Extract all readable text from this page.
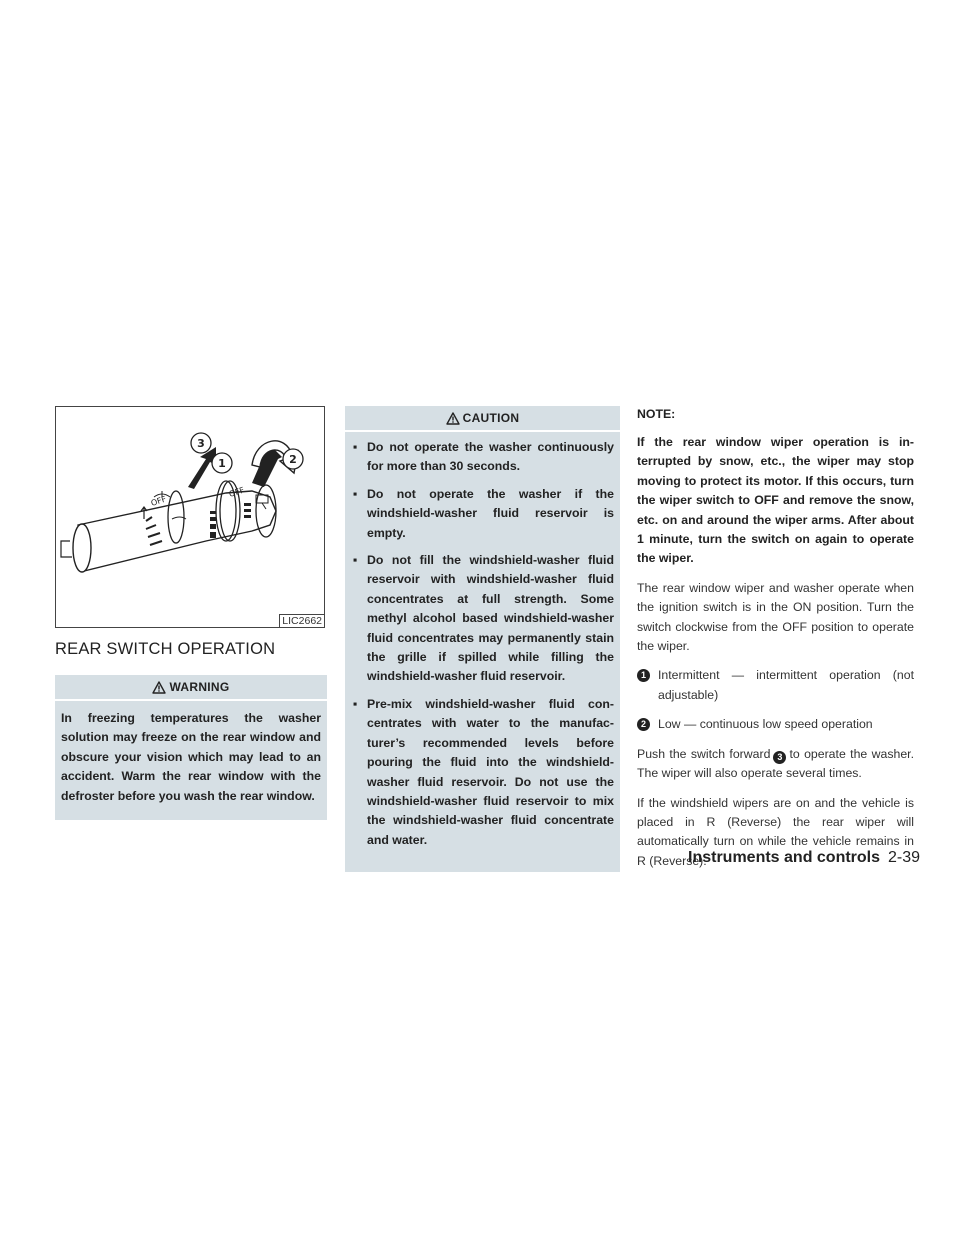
OFF
OFF
3
1	2
LIC2662
REAR SWITCH OPERATION
WARNING
In freezing temperatures the washer solution may freeze on the rear window and obscure your vision which may lead to an accident. Warm the rear window with the defroster before you wash the rear window.
CAUTION
▪ Do not operate the washer continuously for more than 30 seconds.
▪ Do not operate the washer if the windshield-washer fluid reservoir is empty.
▪ Do not fill the windshield-washer fluid reservoir with windshield-washer fluid concentrates at full strength. Some methyl alcohol based windshield-washer fluid concentrates may permanently stain the grille if spilled while filling the windshield-washer fluid reservoir.
▪ Pre-mix windshield-washer fluid concentrates with water to the manufacturer’s recommended levels before pouring the fluid into the windshield-washer fluid reservoir. Do not use the windshield-washer fluid reservoir to mix the windshield-washer fluid concentrate and water.
NOTE:
If the rear window wiper operation is interrupted by snow, etc., the wiper may stop moving to protect its motor. If this occurs, turn the wiper switch to OFF and remove the snow, etc. on and around the wiper arms. After about 1 minute, turn the switch on again to operate the wiper.
The rear window wiper and washer operate when the ignition switch is in the ON position. Turn the switch clockwise from the OFF position to operate the wiper.
1 Intermittent — intermittent operation (not adjustable)
2 Low — continuous low speed operation
Push the switch forward 3 to operate the washer. The wiper will also operate several times.
If the windshield wipers are on and the vehicle is placed in R (Reverse) the rear wiper will automatically turn on while the vehicle remains in R (Reverse).
Instruments and controls 2-39
